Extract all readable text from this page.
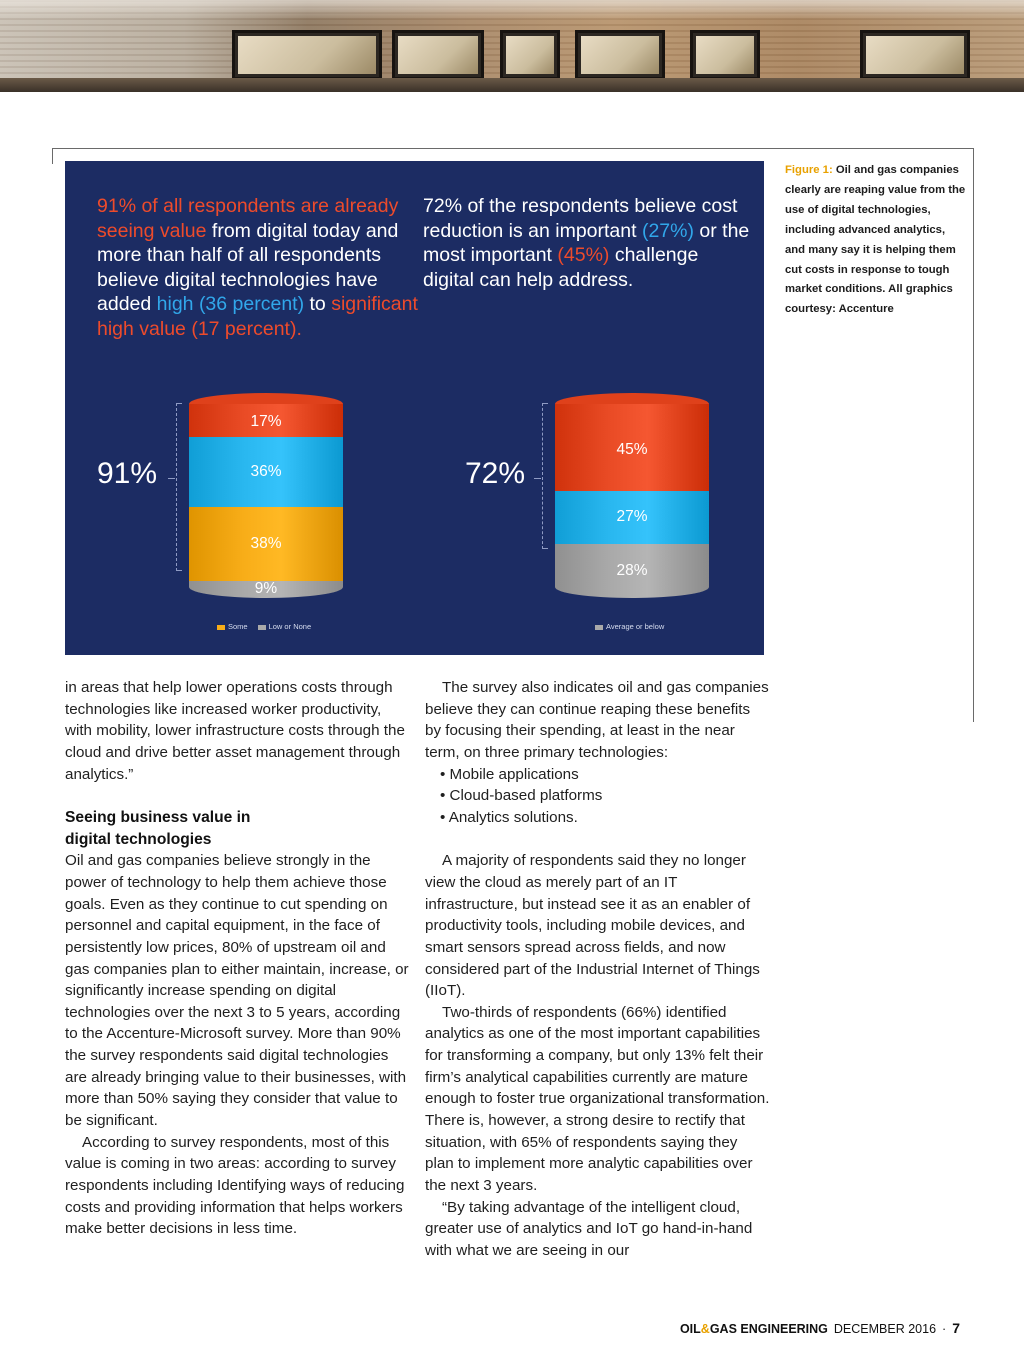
91% of all respondents are already seeing value from digital today and more than half of all respondents believe digital technologies have added high (36 percent) to significant high value (17 percent).
72% of the respondents believe cost reduction is an important (27%) or the most important (45%) challenge digital can help address.
91%	72%
17%
36%
38%
9%
45%
27%
28%
Some	Low or None	Average or below
Figure 1: Oil and gas companies clearly are reaping value from the use of digital technologies, including advanced analytics, and many say it is helping them cut costs in response to tough market conditions. All graphics courtesy: Accenture

in areas that help lower operations costs through technologies like increased worker productivity, with mobility, lower infrastructure costs through the cloud and drive better asset management through analytics.”

Seeing business value in digital technologies

Oil and gas companies believe strongly in the power of technology to help them achieve those goals. Even as they continue to cut spending on personnel and capital equipment, in the face of persistently low prices, 80% of upstream oil and gas companies plan to either maintain, increase, or significantly increase spending on digital technologies over the next 3 to 5 years, according to the Accenture-Microsoft survey. More than 90% the survey respondents said digital technologies are already bringing value to their businesses, with more than 50% saying they consider that value to be significant.

According to survey respondents, most of this value is coming in two areas: according to survey respondents including Identifying ways of reducing costs and providing information that helps workers make better decisions in less time.

The survey also indicates oil and gas companies believe they can continue reaping these benefits by focusing their spending, at least in the near term, on three primary technologies:

• Mobile applications

• Cloud-based platforms

• Analytics solutions.

A majority of respondents said they no longer view the cloud as merely part of an IT infrastructure, but instead see it as an enabler of productivity tools, including mobile devices, and smart sensors spread across fields, and now considered part of the Industrial Internet of Things (IIoT).

Two-thirds of respondents (66%) identified analytics as one of the most important capabilities for transforming a company, but only 13% felt their firm’s analytical capabilities currently are mature enough to foster true organizational transformation. There is, however, a strong desire to rectify that situation, with 65% of respondents saying they plan to implement more analytic capabilities over the next 3 years.

“By taking advantage of the intelligent cloud, greater use of analytics and IoT go hand-in-hand with what we are seeing in our

OIL&GAS ENGINEERING DECEMBER 2016 · 7
